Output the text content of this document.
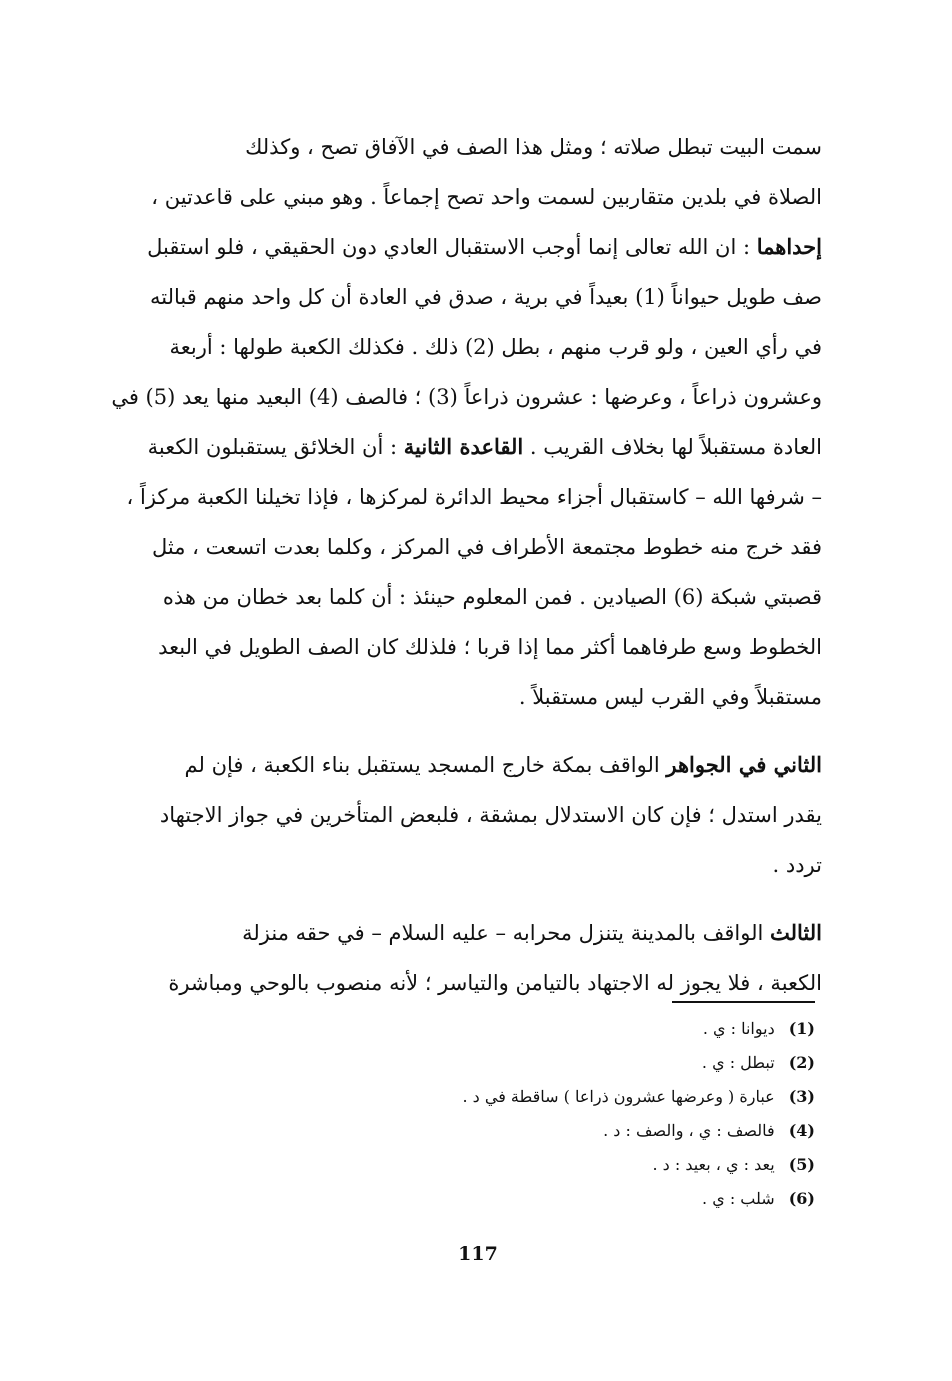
سمت البيت تبطل صلاته ؛ ومثل هذا الصف في الآفاق تصح ، وكذلك
الصلاة في بلدين متقاربين لسمت واحد تصح إجماعاً . وهو مبني على قاعدتين ،
إحداهما : ان الله تعالى إنما أوجب الاستقبال العادي دون الحقيقي ، فلو استقبل
صف طويل حيواناً (1) بعيداً في برية ، صدق في العادة أن كل واحد منهم قبالته
في رأي العين ، ولو قرب منهم ، بطل (2) ذلك . فكذلك الكعبة طولها : أربعة
وعشرون ذراعاً ، وعرضها : عشرون ذراعاً (3) ؛ فالصف (4) البعيد منها يعد (5) في
العادة مستقبلاً لها بخلاف القريب . القاعدة الثانية : أن الخلائق يستقبلون الكعبة
– شرفها الله – كاستقبال أجزاء محيط الدائرة لمركزها ، فإذا تخيلنا الكعبة مركزاً ،
فقد خرج منه خطوط مجتمعة الأطراف في المركز ، وكلما بعدت اتسعت ، مثل
قصبتي شبكة (6) الصيادين . فمن المعلوم حينئذ : أن كلما بعد خطان من هذه
الخطوط وسع طرفاهما أكثر مما إذا قربا ؛ فلذلك كان الصف الطويل في البعد
مستقبلاً وفي القرب ليس مستقبلاً .

الثاني في الجواهر الواقف بمكة خارج المسجد يستقبل بناء الكعبة ، فإن لم
يقدر استدل ؛ فإن كان الاستدلال بمشقة ، فلبعض المتأخرين في جواز الاجتهاد
تردد .

الثالث الواقف بالمدينة يتنزل محرابه – عليه السلام – في حقه منزلة
الكعبة ، فلا يجوز له الاجتهاد بالتيامن والتياسر ؛ لأنه منصوب بالوحي ومباشرة

(1)ديوانا : ي .
(2)تبطل : ي .
(3)عبارة ( وعرضها عشرون ذراعا ) ساقطة في د .
(4)فالصف : ي ، والصف : د .
(5)يعد : ي ، بعيد : د .
(6)شلب : ي .
117
